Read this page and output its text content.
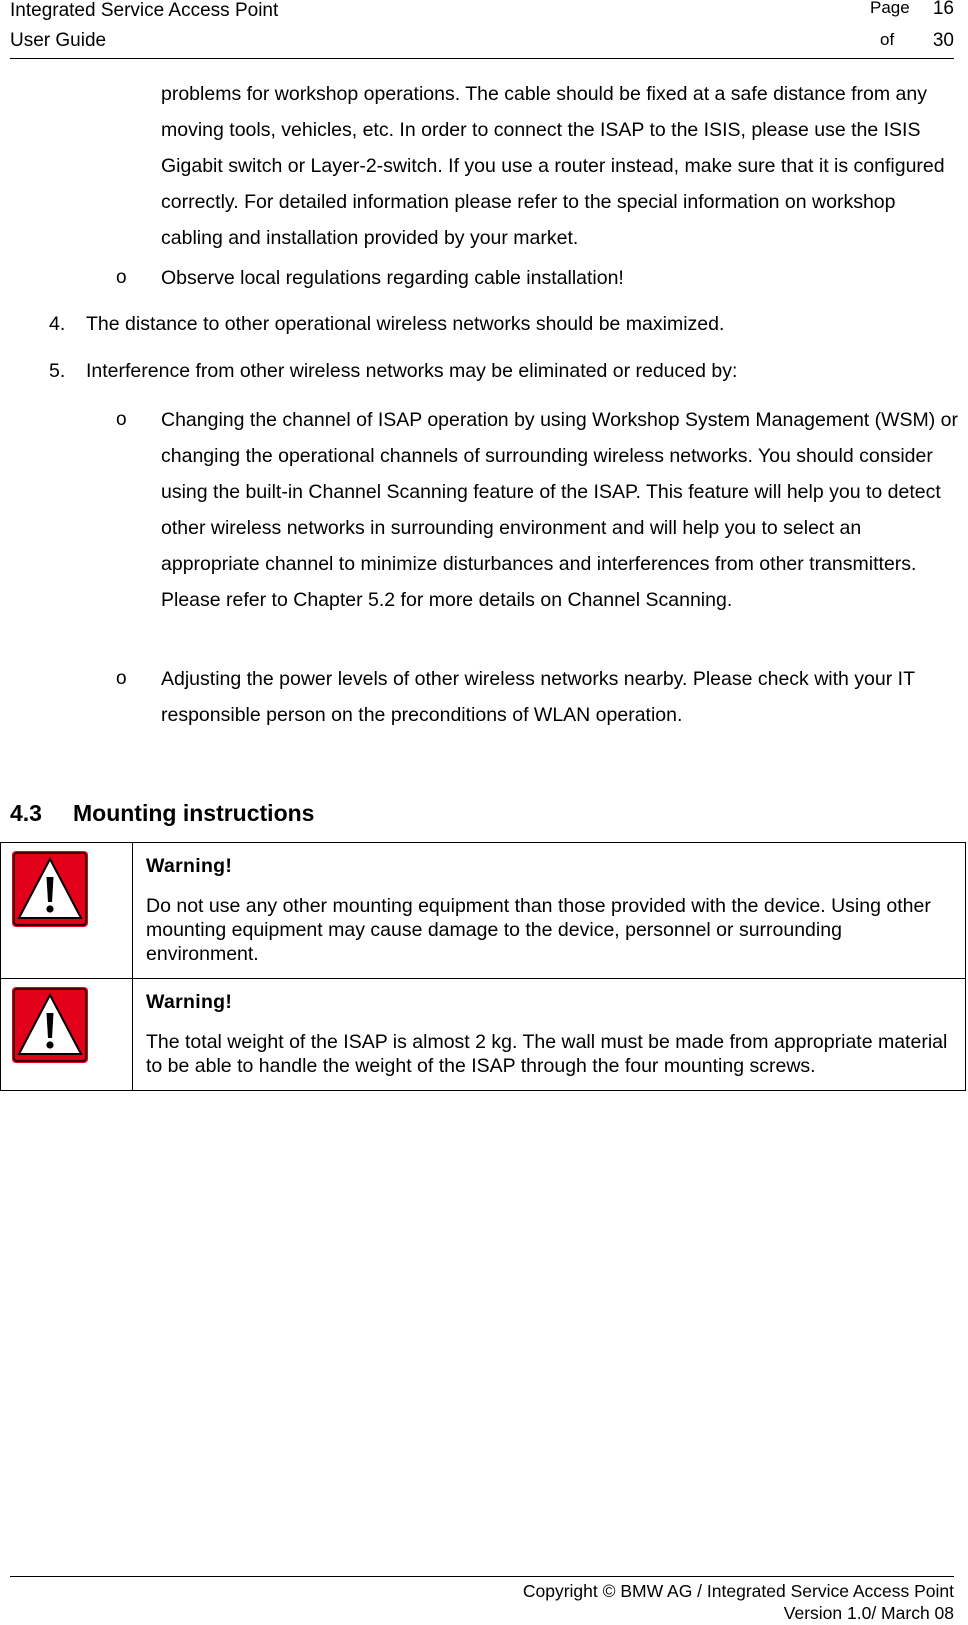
Integrated Service Access Point
User Guide
Page 16
of 30
problems for workshop operations. The cable should be fixed at a safe distance from any moving tools, vehicles, etc. In order to connect the ISAP to the ISIS, please use the ISIS Gigabit switch or Layer-2-switch. If you use a router instead, make sure that it is configured correctly. For detailed information please refer to the special information on workshop cabling and installation provided by your market.
o Observe local regulations regarding cable installation!
4. The distance to other operational wireless networks should be maximized.
5. Interference from other wireless networks may be eliminated or reduced by:
o Changing the channel of ISAP operation by using Workshop System Management (WSM) or changing the operational channels of surrounding wireless networks. You should consider using the built-in Channel Scanning feature of the ISAP. This feature will help you to detect other wireless networks in surrounding environment and will help you to select an appropriate channel to minimize disturbances and interferences from other transmitters. Please refer to Chapter 5.2 for more details on Channel Scanning.
o Adjusting the power levels of other wireless networks nearby. Please check with your IT responsible person on the preconditions of WLAN operation.
4.3 Mounting instructions

Warning!
Do not use any other mounting equipment than those provided with the device. Using other mounting equipment may cause damage to the device, personnel or surrounding environment.

Warning!
The total weight of the ISAP is almost 2 kg. The wall must be made from appropriate material to be able to handle the weight of the ISAP through the four mounting screws.
Copyright © BMW AG / Integrated Service Access Point
Version 1.0/ March 08
